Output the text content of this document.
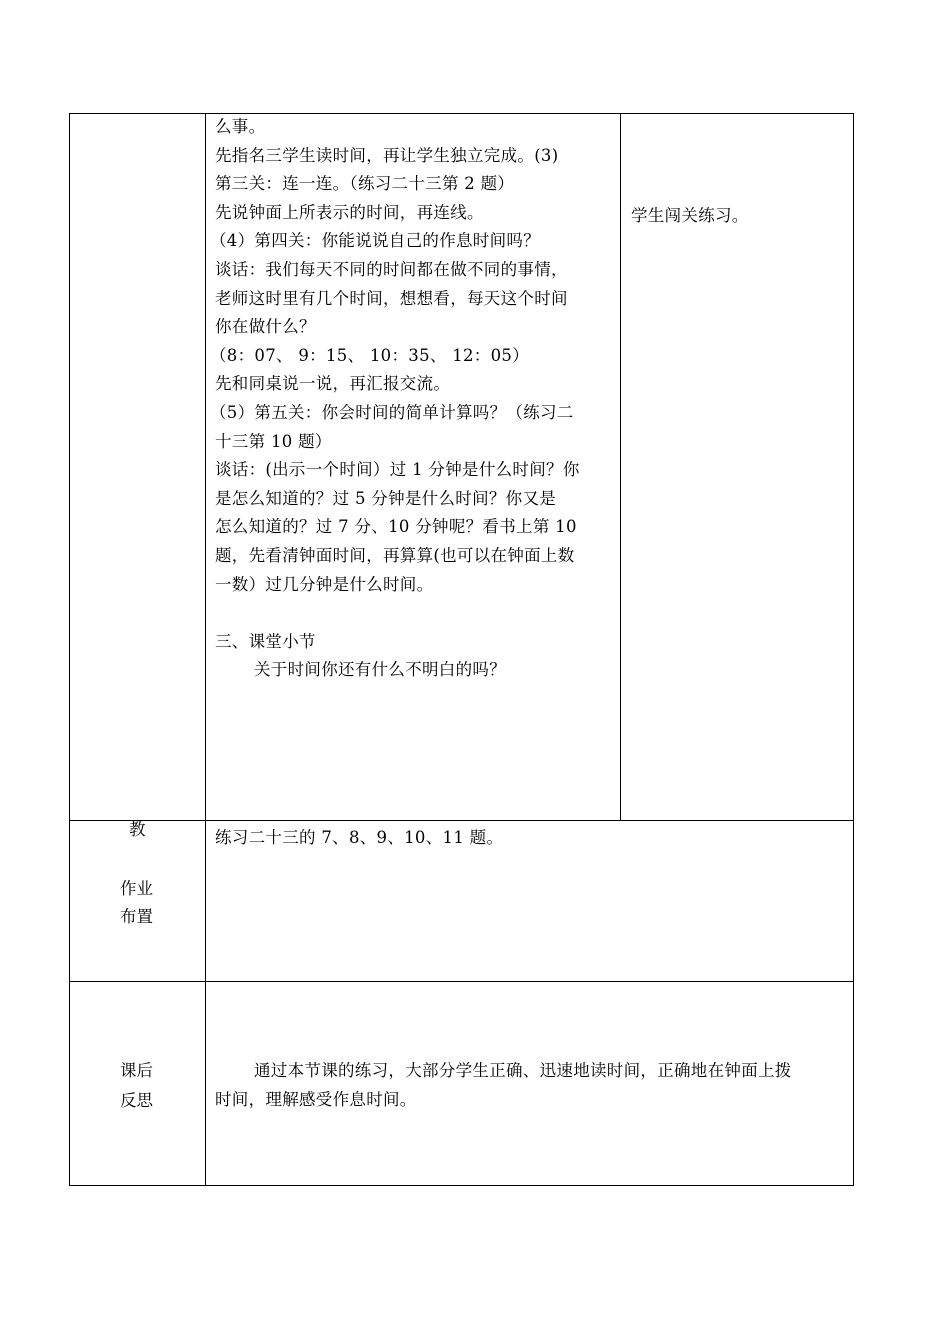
么事。
先指名三学生读时间，再让学生独立完成。(3)
第三关：连一连。（练习二十三第 2 题）
先说钟面上所表示的时间，再连线。
（4）第四关：你能说说自己的作息时间吗？
谈话：我们每天不同的时间都在做不同的事情，
老师这时里有几个时间，想想看，每天这个时间
你在做什么？
（8：07、 9：15、 10：35、 12：05）
先和同桌说一说，再汇报交流。
（5）第五关：你会时间的简单计算吗？（练习二
十三第 10 题）
谈话：(出示一个时间）过 1 分钟是什么时间？你
是怎么知道的？过 5 分钟是什么时间？你又是
怎么知道的？过 7 分、10 分钟呢？看书上第 10
题，先看清钟面时间，再算算(也可以在钟面上数
一数）过几分钟是什么时间。
三、课堂小节
关于时间你还有什么不明白的吗？
学生闯关练习。
教
作业
布置
练习二十三的 7、8、9、10、11 题。
课后
反思
通过本节课的练习，大部分学生正确、迅速地读时间，正确地在钟面上拨
时间，理解感受作息时间。
